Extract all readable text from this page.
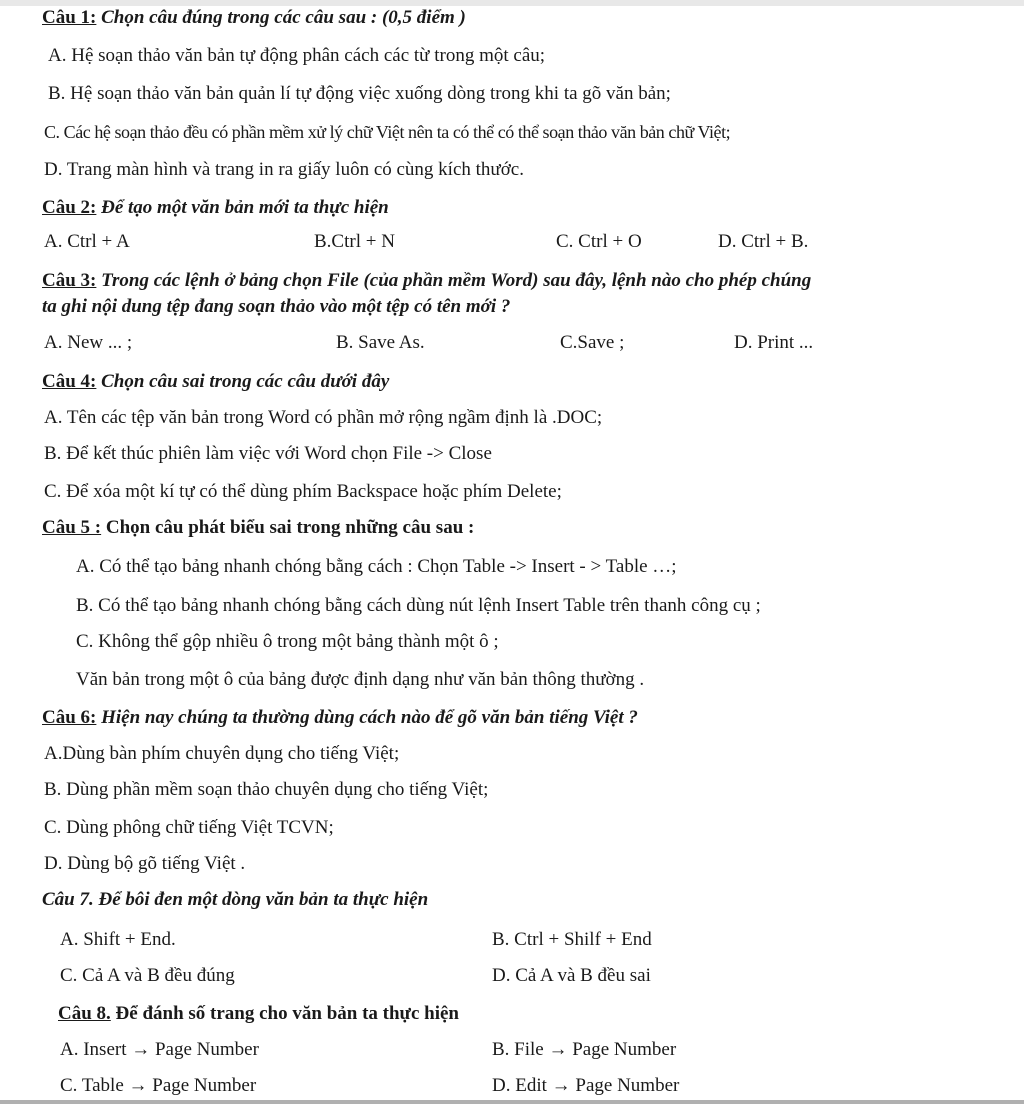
Câu 1: Chọn câu đúng trong các câu sau : (0,5 điểm )
A. Hệ soạn thảo văn bản tự động phân cách các từ trong một câu;
B. Hệ soạn thảo văn bản quản lí tự động việc xuống dòng trong khi ta gõ văn bản;
C. Các hệ soạn thảo đều có phần mềm xử lý chữ Việt nên ta có thể có thể soạn thảo văn bản chữ Việt;
D. Trang màn hình và trang in ra giấy luôn có cùng kích thước.
Câu 2: Để tạo một văn bản mới ta thực hiện
A. Ctrl + A	B.Ctrl + N	C. Ctrl + O	D. Ctrl + B.
Câu 3: Trong các lệnh ở bảng chọn File (của phần mềm Word) sau đây, lệnh nào cho phép chúng
ta ghi nội dung tệp đang soạn thảo vào một tệp có tên mới ?
A. New ... ;	B. Save As.	C.Save ;	D. Print ...
Câu 4: Chọn câu sai trong các câu dưới đây
A. Tên các tệp văn bản trong Word có phần mở rộng ngầm định là .DOC;
B. Để kết thúc phiên làm việc với Word chọn File -> Close
C. Để xóa một kí tự có thể dùng phím Backspace hoặc phím Delete;
Câu 5 : Chọn câu phát biểu sai trong những câu sau :
A. Có thể tạo bảng nhanh chóng bằng cách : Chọn Table -> Insert - > Table …;
B. Có thể tạo bảng nhanh chóng bằng cách dùng nút lệnh Insert Table trên thanh công cụ ;
C. Không thể gộp nhiều ô trong một bảng thành một ô ;
Văn bản trong một ô của bảng được định dạng như văn bản thông thường .
Câu 6: Hiện nay chúng ta thường dùng cách nào để gõ văn bản tiếng Việt ?
A.Dùng bàn phím chuyên dụng cho tiếng Việt;
B. Dùng phần mềm soạn thảo chuyên dụng cho tiếng Việt;
C. Dùng phông chữ tiếng Việt TCVN;
D. Dùng bộ gõ tiếng Việt .
Câu 7. Để bôi đen một dòng văn bản ta thực hiện
A. Shift + End.	B. Ctrl + Shilf + End
C. Cả A và B đều đúng	D. Cả A và B đều sai
Câu 8. Để đánh số trang cho văn bản ta thực hiện
A. Insert → Page Number	B. File → Page Number
C. Table → Page Number	D. Edit → Page Number
